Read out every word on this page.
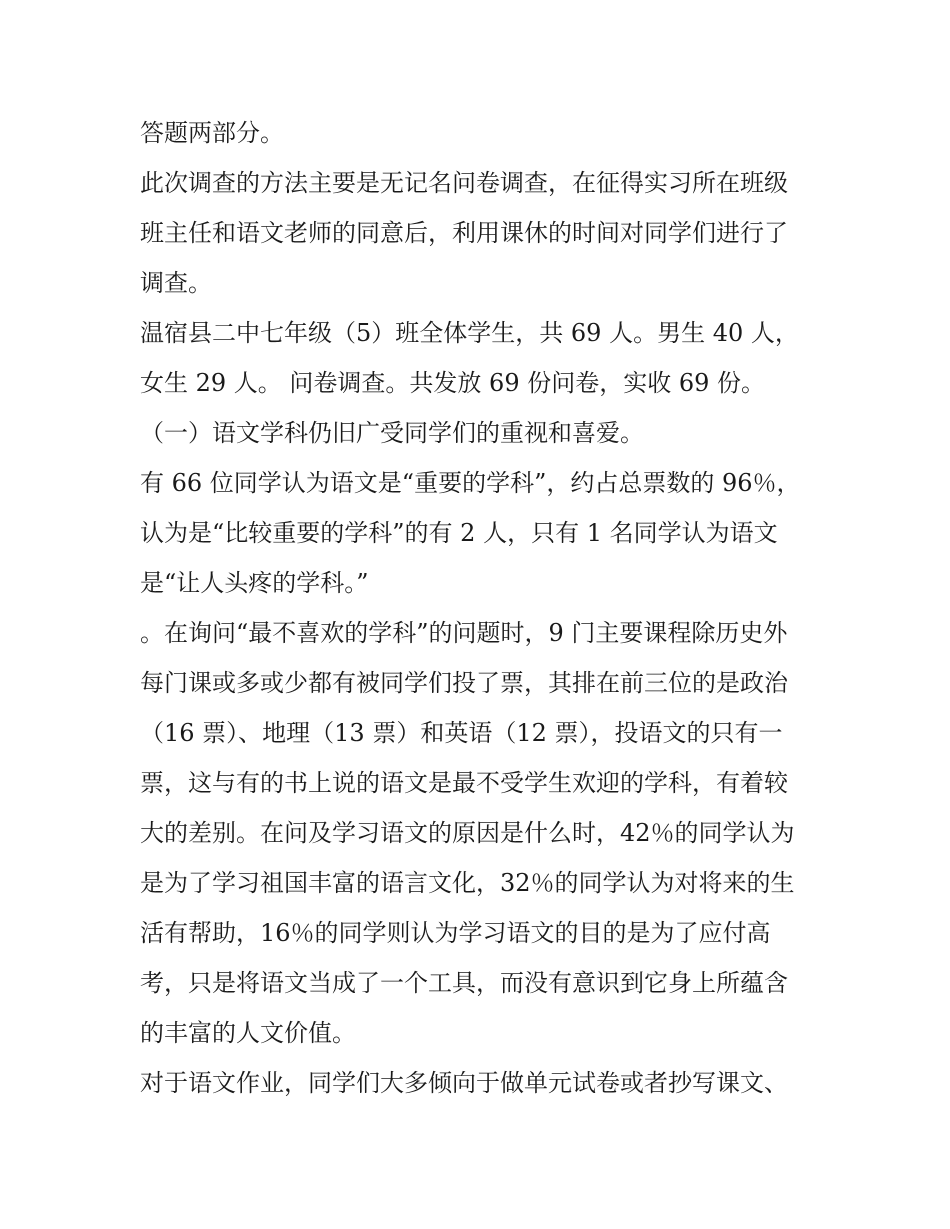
答题两部分。
此次调查的方法主要是无记名问卷调查，在征得实习所在班级
班主任和语文老师的同意后，利用课休的时间对同学们进行了
调查。
温宿县二中七年级（5）班全体学生，共 69 人。男生 40 人，
女生 29 人。 问卷调查。共发放 69 份问卷，实收 69 份。
（一）语文学科仍旧广受同学们的重视和喜爱。
有 66 位同学认为语文是“重要的学科”，约占总票数的 96％，
认为是“比较重要的学科”的有 2 人，只有 1 名同学认为语文
是“让人头疼的学科。”
。在询问“最不喜欢的学科”的问题时，9 门主要课程除历史外
每门课或多或少都有被同学们投了票，其排在前三位的是政治
（16 票）、地理（13 票）和英语（12 票），投语文的只有一
票，这与有的书上说的语文是最不受学生欢迎的学科，有着较
大的差别。在问及学习语文的原因是什么时，42％的同学认为
是为了学习祖国丰富的语言文化，32％的同学认为对将来的生
活有帮助，16％的同学则认为学习语文的目的是为了应付高
考，只是将语文当成了一个工具，而没有意识到它身上所蕴含
的丰富的人文价值。
对于语文作业，同学们大多倾向于做单元试卷或者抄写课文、
